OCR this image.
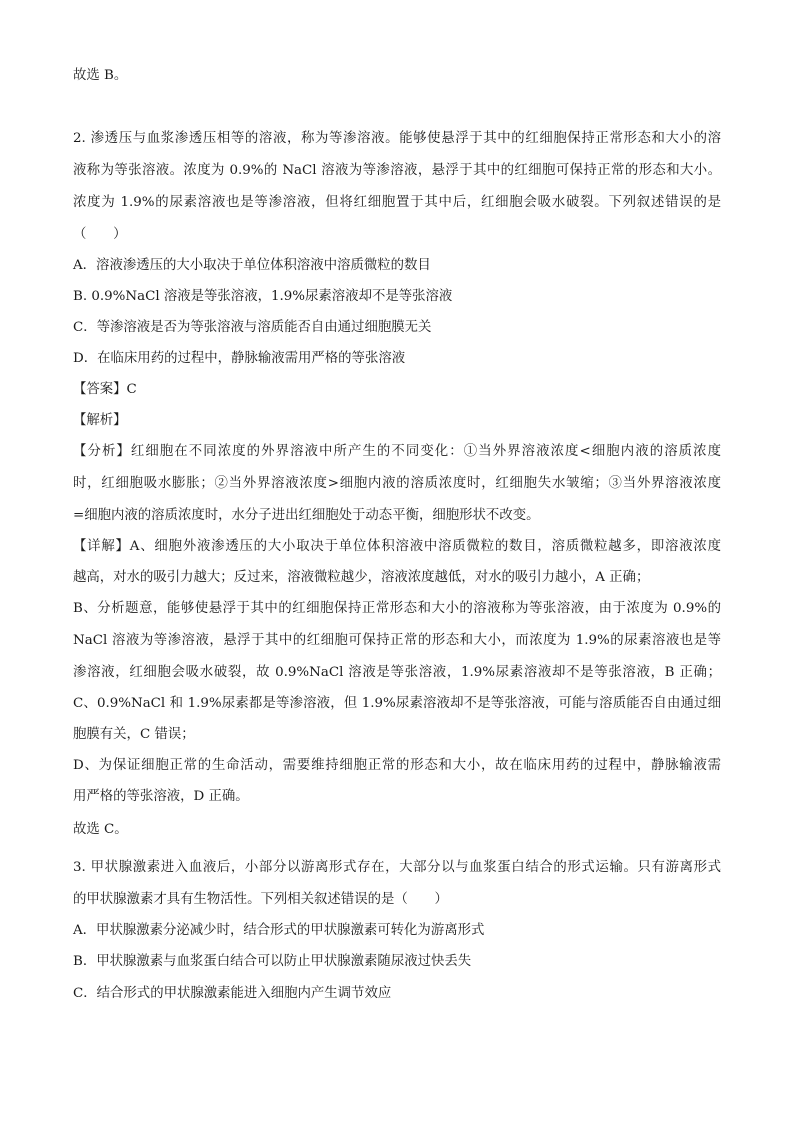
故选 B。
2. 渗透压与血浆渗透压相等的溶液，称为等渗溶液。能够使悬浮于其中的红细胞保持正常形态和大小的溶
液称为等张溶液。浓度为 0.9%的 NaCl 溶液为等渗溶液，悬浮于其中的红细胞可保持正常的形态和大小。
浓度为 1.9%的尿素溶液也是等渗溶液，但将红细胞置于其中后，红细胞会吸水破裂。下列叙述错误的是
（　　）
A．溶液渗透压的大小取决于单位体积溶液中溶质微粒的数目
B. 0.9%NaCl 溶液是等张溶液，1.9%尿素溶液却不是等张溶液
C．等渗溶液是否为等张溶液与溶质能否自由通过细胞膜无关
D．在临床用药的过程中，静脉输液需用严格的等张溶液
【答案】C
【解析】
【分析】红细胞在不同浓度的外界溶液中所产生的不同变化：①当外界溶液浓度<细胞内液的溶质浓度
时，红细胞吸水膨胀；②当外界溶液浓度>细胞内液的溶质浓度时，红细胞失水皱缩；③当外界溶液浓度
=细胞内液的溶质浓度时，水分子进出红细胞处于动态平衡，细胞形状不改变。
【详解】A、细胞外液渗透压的大小取决于单位体积溶液中溶质微粒的数目，溶质微粒越多，即溶液浓度
越高，对水的吸引力越大；反过来，溶液微粒越少，溶液浓度越低，对水的吸引力越小，A 正确；
B、分析题意，能够使悬浮于其中的红细胞保持正常形态和大小的溶液称为等张溶液，由于浓度为 0.9%的
NaCl 溶液为等渗溶液，悬浮于其中的红细胞可保持正常的形态和大小，而浓度为 1.9%的尿素溶液也是等
渗溶液，红细胞会吸水破裂，故 0.9%NaCl 溶液是等张溶液，1.9%尿素溶液却不是等张溶液，B 正确；
C、0.9%NaCl 和 1.9%尿素都是等渗溶液，但 1.9%尿素溶液却不是等张溶液，可能与溶质能否自由通过细
胞膜有关，C 错误；
D、为保证细胞正常的生命活动，需要维持细胞正常的形态和大小，故在临床用药的过程中，静脉输液需
用严格的等张溶液，D 正确。
故选 C。
3. 甲状腺激素进入血液后，小部分以游离形式存在，大部分以与血浆蛋白结合的形式运输。只有游离形式
的甲状腺激素才具有生物活性。下列相关叙述错误的是（　　）
A．甲状腺激素分泌减少时，结合形式的甲状腺激素可转化为游离形式
B．甲状腺激素与血浆蛋白结合可以防止甲状腺激素随尿液过快丢失
C．结合形式的甲状腺激素能进入细胞内产生调节效应
